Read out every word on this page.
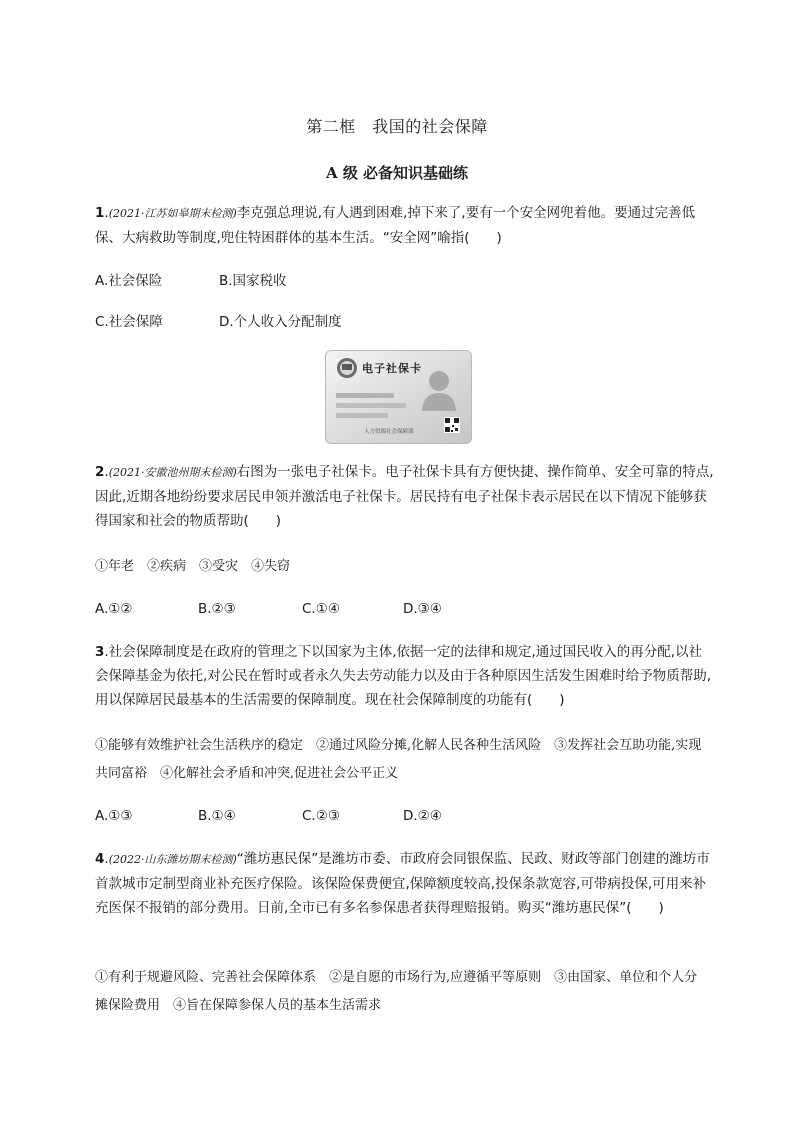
第二框　我国的社会保障
A 级 必备知识基础练
1.(2021·江苏如皋期末检测)李克强总理说,有人遇到困难,掉下来了,要有一个安全网兜着他。要通过完善低保、大病救助等制度,兜住特困群体的基本生活。“安全网”喻指(　　)
A.社会保险	B.国家税收
C.社会保障	D.个人收入分配制度
电子社保卡
人力资源社会保障部
2.(2021·安徽池州期末检测)右图为一张电子社保卡。电子社保卡具有方便快捷、操作简单、安全可靠的特点,因此,近期各地纷纷要求居民申领并激活电子社保卡。居民持有电子社保卡表示居民在以下情况下能够获得国家和社会的物质帮助(　　)
①年老　②疾病　③受灾　④失窃
A.①②	B.②③	C.①④	D.③④
3.社会保障制度是在政府的管理之下以国家为主体,依据一定的法律和规定,通过国民收入的再分配,以社会保障基金为依托,对公民在暂时或者永久失去劳动能力以及由于各种原因生活发生困难时给予物质帮助,用以保障居民最基本的生活需要的保障制度。现在社会保障制度的功能有(　　)
①能够有效维护社会生活秩序的稳定　②通过风险分摊,化解人民各种生活风险　③发挥社会互助功能,实现共同富裕　④化解社会矛盾和冲突,促进社会公平正义
A.①③	B.①④	C.②③	D.②④
4.(2022·山东潍坊期末检测)“潍坊惠民保”是潍坊市委、市政府会同银保监、民政、财政等部门创建的潍坊市首款城市定制型商业补充医疗保险。该保险保费便宜,保障额度较高,投保条款宽容,可带病投保,可用来补充医保不报销的部分费用。日前,全市已有多名参保患者获得理赔报销。购买“潍坊惠民保”(　　)
①有利于规避风险、完善社会保障体系　②是自愿的市场行为,应遵循平等原则　③由国家、单位和个人分摊保险费用　④旨在保障参保人员的基本生活需求
